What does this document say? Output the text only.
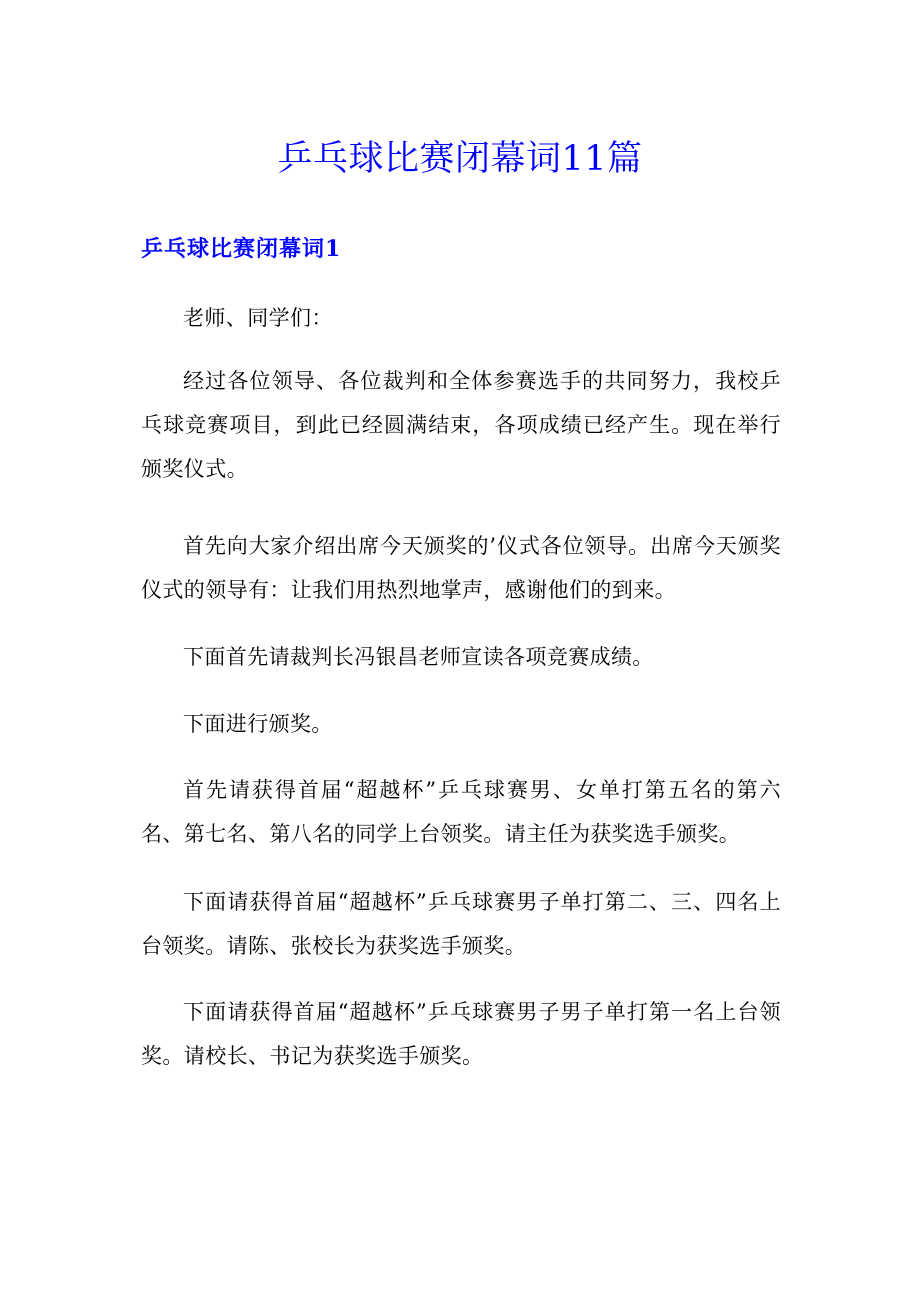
乒乓球比赛闭幕词11篇
乒乓球比赛闭幕词1

老师、同学们：

经过各位领导、各位裁判和全体参赛选手的共同努力，我校乒乓球竞赛项目，到此已经圆满结束，各项成绩已经产生。现在举行颁奖仪式。

首先向大家介绍出席今天颁奖的’仪式各位领导。出席今天颁奖仪式的领导有：让我们用热烈地掌声，感谢他们的到来。

下面首先请裁判长冯银昌老师宣读各项竞赛成绩。

下面进行颁奖。

首先请获得首届“超越杯”乒乓球赛男、女单打第五名的第六名、第七名、第八名的同学上台领奖。请主任为获奖选手颁奖。

下面请获得首届“超越杯”乒乓球赛男子单打第二、三、四名上台领奖。请陈、张校长为获奖选手颁奖。

下面请获得首届“超越杯”乒乓球赛男子男子单打第一名上台领奖。请校长、书记为获奖选手颁奖。
